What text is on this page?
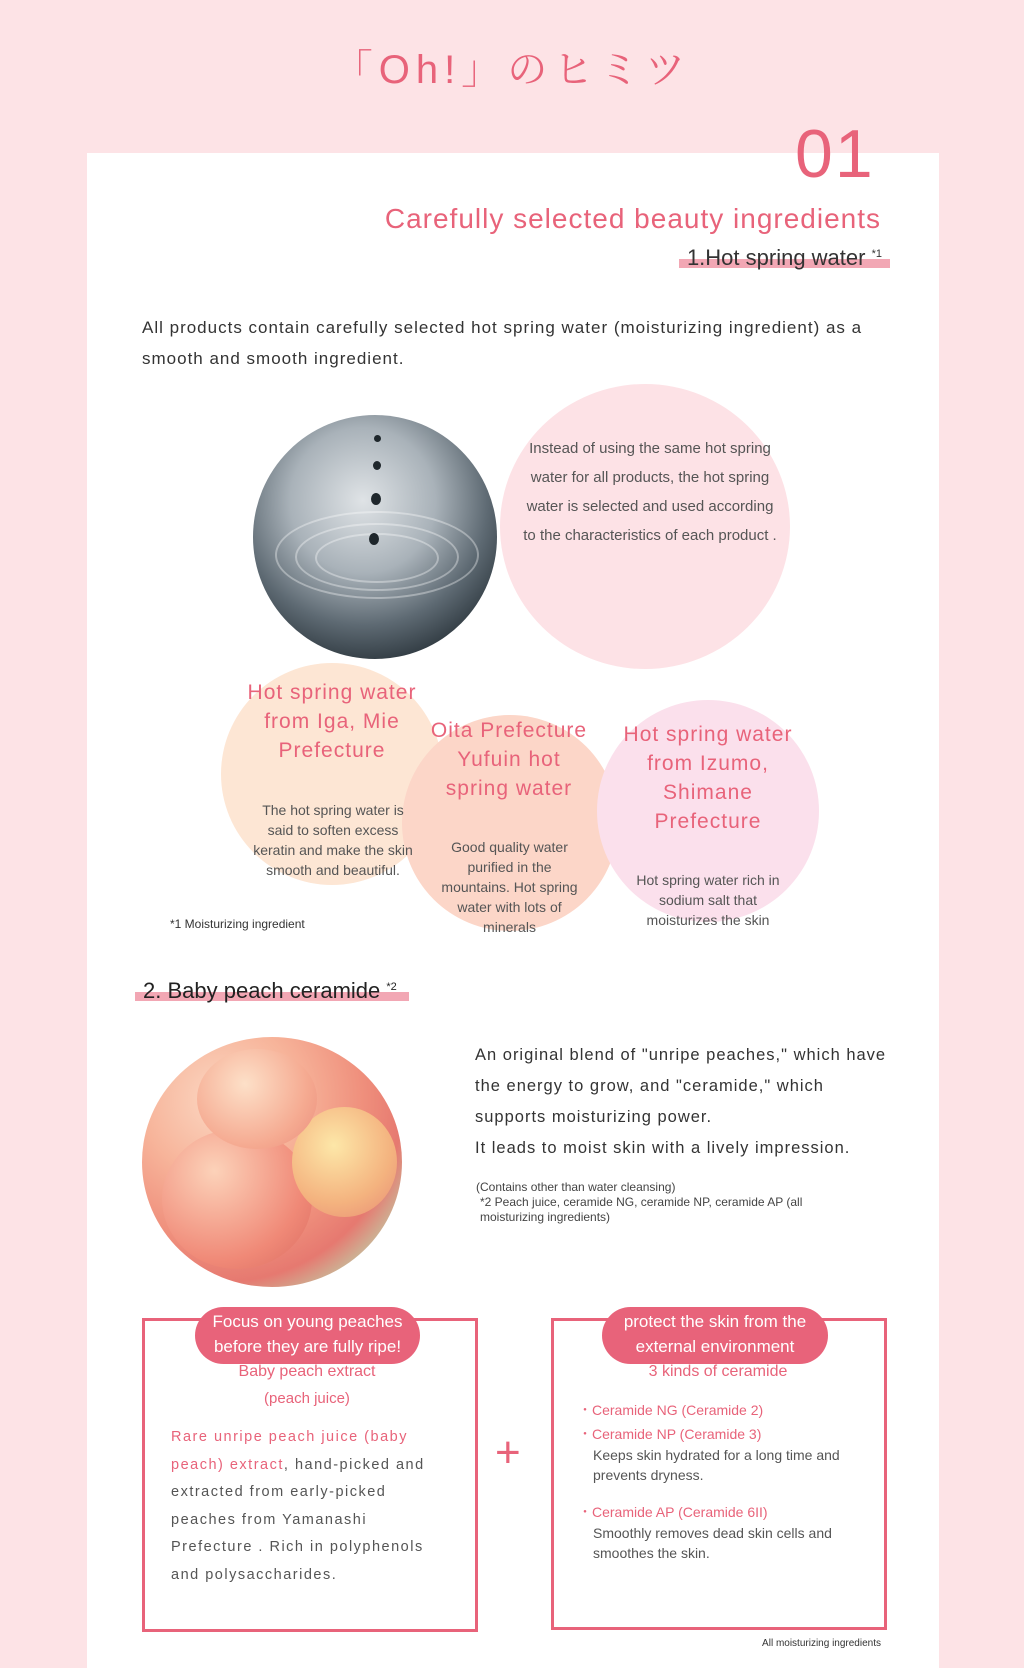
「Oh!」のヒミツ
01
Carefully selected beauty ingredients
1.Hot spring water $^{*1}$
All products contain carefully selected hot spring water (moisturizing ingredient) as a smooth and smooth ingredient.
Instead of using the same hot spring water for all products, the hot spring water is selected and used according to the characteristics of each product .
Hot spring water from Iga, Mie Prefecture
The hot spring water is said to soften excess keratin and make the skin smooth and beautiful.
Oita Prefecture Yufuin hot spring water
Good quality water purified in the mountains. Hot spring water with lots of minerals
Hot spring water from Izumo, Shimane Prefecture
Hot spring water rich in sodium salt that moisturizes the skin
*1 Moisturizing ingredient
2. Baby peach ceramide $^{*2}$
An original blend of "unripe peaches," which have the energy to grow, and "ceramide," which supports moisturizing power.
It leads to moist skin with a lively impression.
(Contains other than water cleansing)
*2 Peach juice, ceramide NG, ceramide NP, ceramide AP (all moisturizing ingredients)
Focus on young peaches
before they are fully ripe!
Baby peach extract
(peach juice)
Rare unripe peach juice (baby peach) extract, hand-picked and extracted from early-picked peaches from Yamanashi Prefecture . Rich in polyphenols and polysaccharides.
+
protect the skin from the
external environment
3 kinds of ceramide
・Ceramide NG (Ceramide 2)
・Ceramide NP (Ceramide 3)
Keeps skin hydrated for a long time and prevents dryness.
・Ceramide AP (Ceramide 6II)
Smoothly removes dead skin cells and smoothes the skin.
All moisturizing ingredients
